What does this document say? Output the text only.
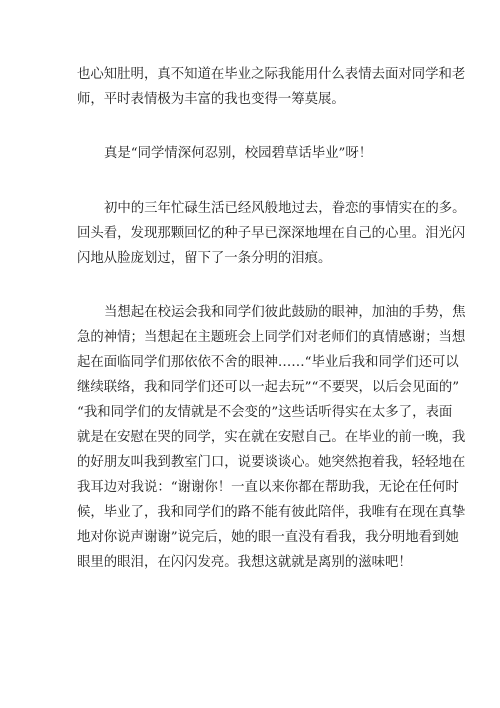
也心知肚明，真不知道在毕业之际我能用什么表情去面对同学和老
师，平时表情极为丰富的我也变得一筹莫展。
真是“同学情深何忍别，校园碧草话毕业”呀！
初中的三年忙碌生活已经风般地过去，眷恋的事情实在的多。
回头看，发现那颗回忆的种子早已深深地埋在自己的心里。泪光闪
闪地从脸庞划过，留下了一条分明的泪痕。
当想起在校运会我和同学们彼此鼓励的眼神，加油的手势，焦
急的神情；当想起在主题班会上同学们对老师们的真情感谢；当想
起在面临同学们那依依不舍的眼神……“毕业后我和同学们还可以
继续联络，我和同学们还可以一起去玩”“不要哭，以后会见面的”
“我和同学们的友情就是不会变的”这些话听得实在太多了，表面
就是在安慰在哭的同学，实在就在安慰自己。在毕业的前一晚，我
的好朋友叫我到教室门口，说要谈谈心。她突然抱着我，轻轻地在
我耳边对我说：“谢谢你！一直以来你都在帮助我，无论在任何时
候，毕业了，我和同学们的路不能有彼此陪伴，我唯有在现在真挚
地对你说声谢谢”说完后，她的眼一直没有看我，我分明地看到她
眼里的眼泪，在闪闪发亮。我想这就就是离别的滋味吧！
